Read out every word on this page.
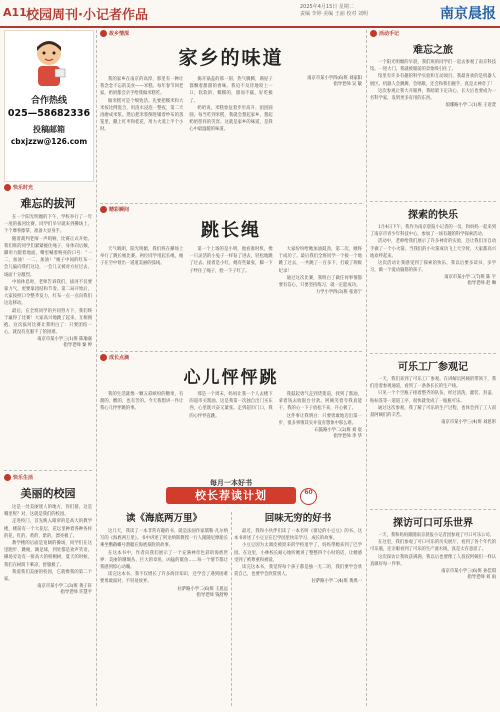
A11 校园周刊·小记者作品
2025年4月15日 星期二
责编 李婷 美编 王丽 校对 刘明	南京晨报
合作热线
025—58682336
投稿邮箱
cbxjzzw@126.com
快乐时光
难忘的拔河

在一个阳光明媚的下午，学校举行了一年一度的拔河比赛。同学们早早就来到操场上，个个摩拳擦掌，准备大显身手。

随着裁判老师一声哨响，比赛正式开始。我们班的同学们紧紧握住绳子，身体向后倾，脚用力蹬着地面，嘴里喊着响亮的口号：“一二，加油！一二，加油！”绳子中间的红布一会儿偏向我们这边，一会儿又被对方拉过去，场面十分激烈。

中场休息时，老师告诉我们，拔河不仅要靠力气，更要靠团结和节奏。第二局开始后，大家按照口令整齐发力，红布一点一点向我们这边移动。

最后，在全班同学的共同努力下，我们终于赢得了比赛！大家高兴地跳了起来，互相拥抱。这次拔河比赛让我明白了：只要团结一心，就没有克服不了的困难。

南京市某小学三(1)班 陈瑜嘉
指导老师 秦 婷

快乐生活
美丽的校园

这是一处美丽迷人的地方，你们猜，这是哪里呢？对，这就是我们的校园。

走进校门，首先映入眼帘的是高大的教学楼，楼前有一个大花坛，花坛里种着各种各样的花，红的、黄的、紫的，漂亮极了。

教学楼的后面是宽阔的操场，同学们在这里跑步、跳绳、踢足球，到处都是欢声笑语。操场旁边有一排高大的梧桐树，夏天的时候，我们在树荫下乘凉，舒服极了。

我爱我们美丽的校园，它就像我的第二个家。

南京市某小学二(3)班 黄子轩
指导老师 许慧平

故乡情深
家乡的味道

我的家乡在南京的高淳，那里有一种让我念念不忘的美食——米糕。每年春节回老家，奶奶都会亲手给我做米糕吃。

做米糕可是个细致活。先要把糯米和大米按比例混合，用清水浸泡一整夜，第二天再磨成米浆。然后把米浆倒进铺着纱布的蒸笼里，撒上红枣和桂花，用大火蒸上半个小时。

揭开锅盖的那一刻，热气腾腾，满屋子都飘着甜甜的香味。我迫不及待地咬上一口，软软的、糯糯的，甜而不腻，好吃极了。

奶奶说，米糕象征着步步高升、团团圆圆。每当吃到米糕，我就会想起家乡，想起奶奶慈祥的笑容。这就是家乡的味道，是我心中最温暖的味道。

南京市某小学四(6)班 刘家阳
指导老师 吴 敏

精彩瞬间
跳长绳

天气晴朗，阳光明媚，我们班在操场上举行了跳长绳比赛。两位同学甩起长绳，绳子在空中划出一道道美丽的弧线。

第一个上场的是小明，他看准时机，像一只灵活的小兔子一样钻了进去，轻松地跳了过去。接着是小红，她有些紧张，脚一下子绊住了绳子，脸一下子红了。

大家纷纷给她加油鼓劲，第二次，她终于成功了。最后我们全班同学一个接一个地跳了过去，一共跳了一百多下，打破了班级纪录！

通过这次比赛，我明白了做任何事情都要有信心，只要坚持练习，就一定能成功。

力学小学四(3)班 张语宁

成长点滴
心儿怦怦跳

我的生活就像一颗五彩缤纷的糖果，有甜的、酸的，也有苦的。今天我想讲一件让我心儿怦怦跳的事。

那是一个周末，妈妈让我一个人去楼下的超市买酱油。这是我第一次独自出门买东西，心里既兴奋又紧张。走到超市门口，我的心怦怦直跳。

我鼓起勇气走到货架前，找到了酱油，拿着钱去收银台付款。阿姨笑着夸我真能干，我的心一下子放松下来，开心极了。

这件事让我明白：只要勇敢地迈出第一步，很多事情其实并没有想象中那么难。

石鼓路小学二(2)班 刘 宸
指导老师 李 华

每月一本好书
校长荐读计划	60
读《海底两万里》

这几天，我读了一本非常有趣的书，就是法国作家儒勒·凡尔纳写的《海底两万里》。书中讲述了阿龙纳斯教授一行人跟随尼摩船长乘坐鹦鹉螺号潜艇在海底探险的故事。

在这本书中，作者向我们展示了一个充满神奇色彩的海底世界：美丽的珊瑚丛、巨大的章鱼、凶猛的鲨鱼……每一个情节都让我感到惊心动魄。

读完这本书，我不仅增长了许多海洋知识，还学会了遇到困难要勇敢面对，不轻易放弃。

拉萨路小学二(6)班 王思远
指导老师 钱舒婷

回味无穷的好书

最近，我和小伙伴们读了一本名叫《窗边的小豆豆》的书。这本书讲述了小豆豆在巴学园里快乐学习、成长的故事。

小豆豆因为太调皮被原来的学校退学了，妈妈带她来到了巴学园。在这里，小林校长耐心地听她讲了整整四个小时的话，让她感受到了被尊重和被爱。

读完这本书，我觉得每个孩子都是独一无二的，我们要学会欣赏自己，也要学会欣赏别人。

拉萨路小学二(4)班 黄禹一

活动手记
难忘之旅

一个阳光明媚的早晨，我们班的同学们一起去参观了南京科技馆。一进大门，我就被眼前的景象吸引住了。

馆里有许多有趣的科学实验和互动项目，我最喜欢的是机器人展区。机器人会跳舞、会唱歌，还会和我们握手，真是太神奇了！

这次参观让我大开眼界，我暗暗下定决心，长大后也要成为一名科学家，发明更多有用的东西。

琅琊路小学二(1)班 王语萱

探索的快乐

1月4日下午，我作为南京晨报小记者的一员，和妈妈一起来到了南京市青少年科技中心，参加了一场有趣的科学探索活动。

活动中，老师给我们展示了许多神奇的实验，还让我们亲自动手做了一个小火箭。当我们的小火箭成功飞上天空时，大家都高兴地欢呼起来。

这次活动让我感受到了探索的快乐，我以后要多读书，多学习，做一个爱动脑筋的孩子。

南京市某小学二(7)班 陈 宇
指导老师 赵 琳

可乐工厂参观记

一天，我们来到了可乐工厂参观。在讲解员阿姨的带领下，我们沿着参观通道，看到了一条条长长的生产线。

只见一个个空瓶子排着整齐的队伍，经过清洗、灌装、封盖、贴标签等一道道工序，很快就变成了一瓶瓶可乐。

通过这次参观，我了解了可乐的生产过程，也体会到了工人叔叔阿姨们的辛苦。

南京市某小学三(4)班 刘思彤

探访可口可乐世界

一天，我和妈妈跟随南京晨报小记者团参观了可口可乐公司。

在这里，我们参观了可口可乐的历史展厅，看到了各个年代的可乐瓶，还亲眼看到了可乐的生产流水线，真是太有意思了。

这次探访让我收获满满，我以后也要像工人叔叔阿姨们一样认真做好每一件事。

南京市某小学三(6)班 孙佳琪
指导老师 刘 雨
